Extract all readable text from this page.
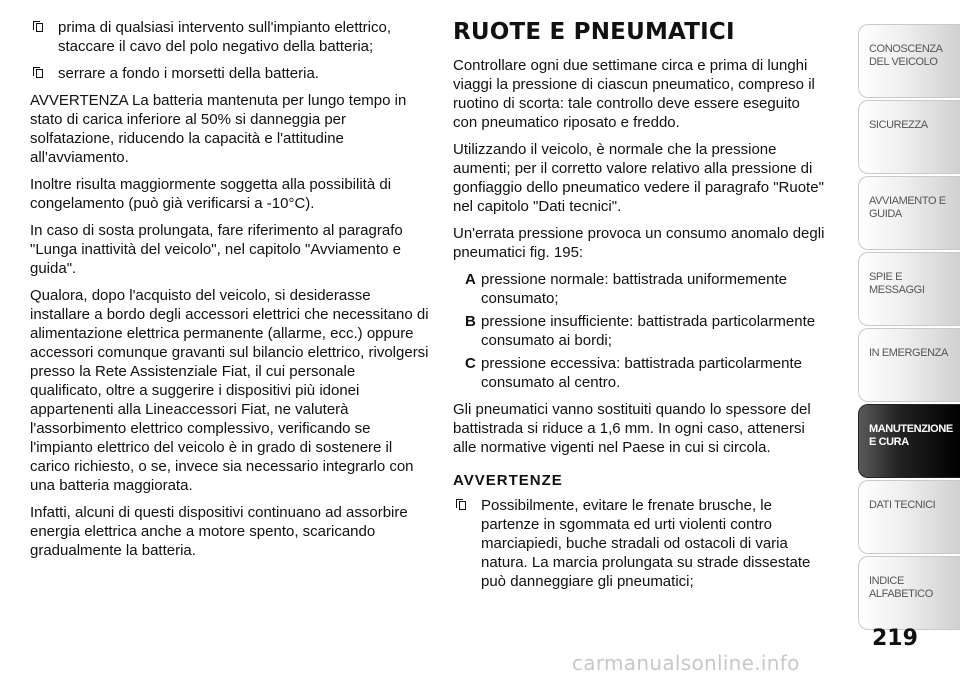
prima di qualsiasi intervento sull'impianto elettrico, staccare il cavo del polo negativo della batteria;
serrare a fondo i morsetti della batteria.

AVVERTENZA La batteria mantenuta per lungo tempo in stato di carica inferiore al 50% si danneggia per solfatazione, riducendo la capacità e l'attitudine all'avviamento.

Inoltre risulta maggiormente soggetta alla possibilità di congelamento (può già verificarsi a -10°C).

In caso di sosta prolungata, fare riferimento al paragrafo "Lunga inattività del veicolo", nel capitolo "Avviamento e guida".

Qualora, dopo l'acquisto del veicolo, si desiderasse installare a bordo degli accessori elettrici che necessitano di alimentazione elettrica permanente (allarme, ecc.) oppure accessori comunque gravanti sul bilancio elettrico, rivolgersi presso la Rete Assistenziale Fiat, il cui personale qualificato, oltre a suggerire i dispositivi più idonei appartenenti alla Lineaccessori Fiat, ne valuterà l'assorbimento elettrico complessivo, verificando se l'impianto elettrico del veicolo è in grado di sostenere il carico richiesto, o se, invece sia necessario integrarlo con una batteria maggiorata.

Infatti, alcuni di questi dispositivi continuano ad assorbire energia elettrica anche a motore spento, scaricando gradualmente la batteria.

RUOTE E PNEUMATICI

Controllare ogni due settimane circa e prima di lunghi viaggi la pressione di ciascun pneumatico, compreso il ruotino di scorta: tale controllo deve essere eseguito con pneumatico riposato e freddo.

Utilizzando il veicolo, è normale che la pressione aumenti; per il corretto valore relativo alla pressione di gonfiaggio dello pneumatico vedere il paragrafo "Ruote" nel capitolo "Dati tecnici".

Un'errata pressione provoca un consumo anomalo degli pneumatici fig. 195:

A pressione normale: battistrada uniformemente consumato;
B pressione insufficiente: battistrada particolarmente consumato ai bordi;
C pressione eccessiva: battistrada particolarmente consumato al centro.

Gli pneumatici vanno sostituiti quando lo spessore del battistrada si riduce a 1,6 mm. In ogni caso, attenersi alle normative vigenti nel Paese in cui si circola.

AVVERTENZE
Possibilmente, evitare le frenate brusche, le partenze in sgommata ed urti violenti contro marciapiedi, buche stradali od ostacoli di varia natura. La marcia prolungata su strade dissestate può danneggiare gli pneumatici;
CONOSCENZA DEL VEICOLO
SICUREZZA
AVVIAMENTO E GUIDA
SPIE E MESSAGGI
IN EMERGENZA
MANUTENZIONE E CURA
DATI TECNICI
INDICE ALFABETICO
219
carmanualsonline.info
